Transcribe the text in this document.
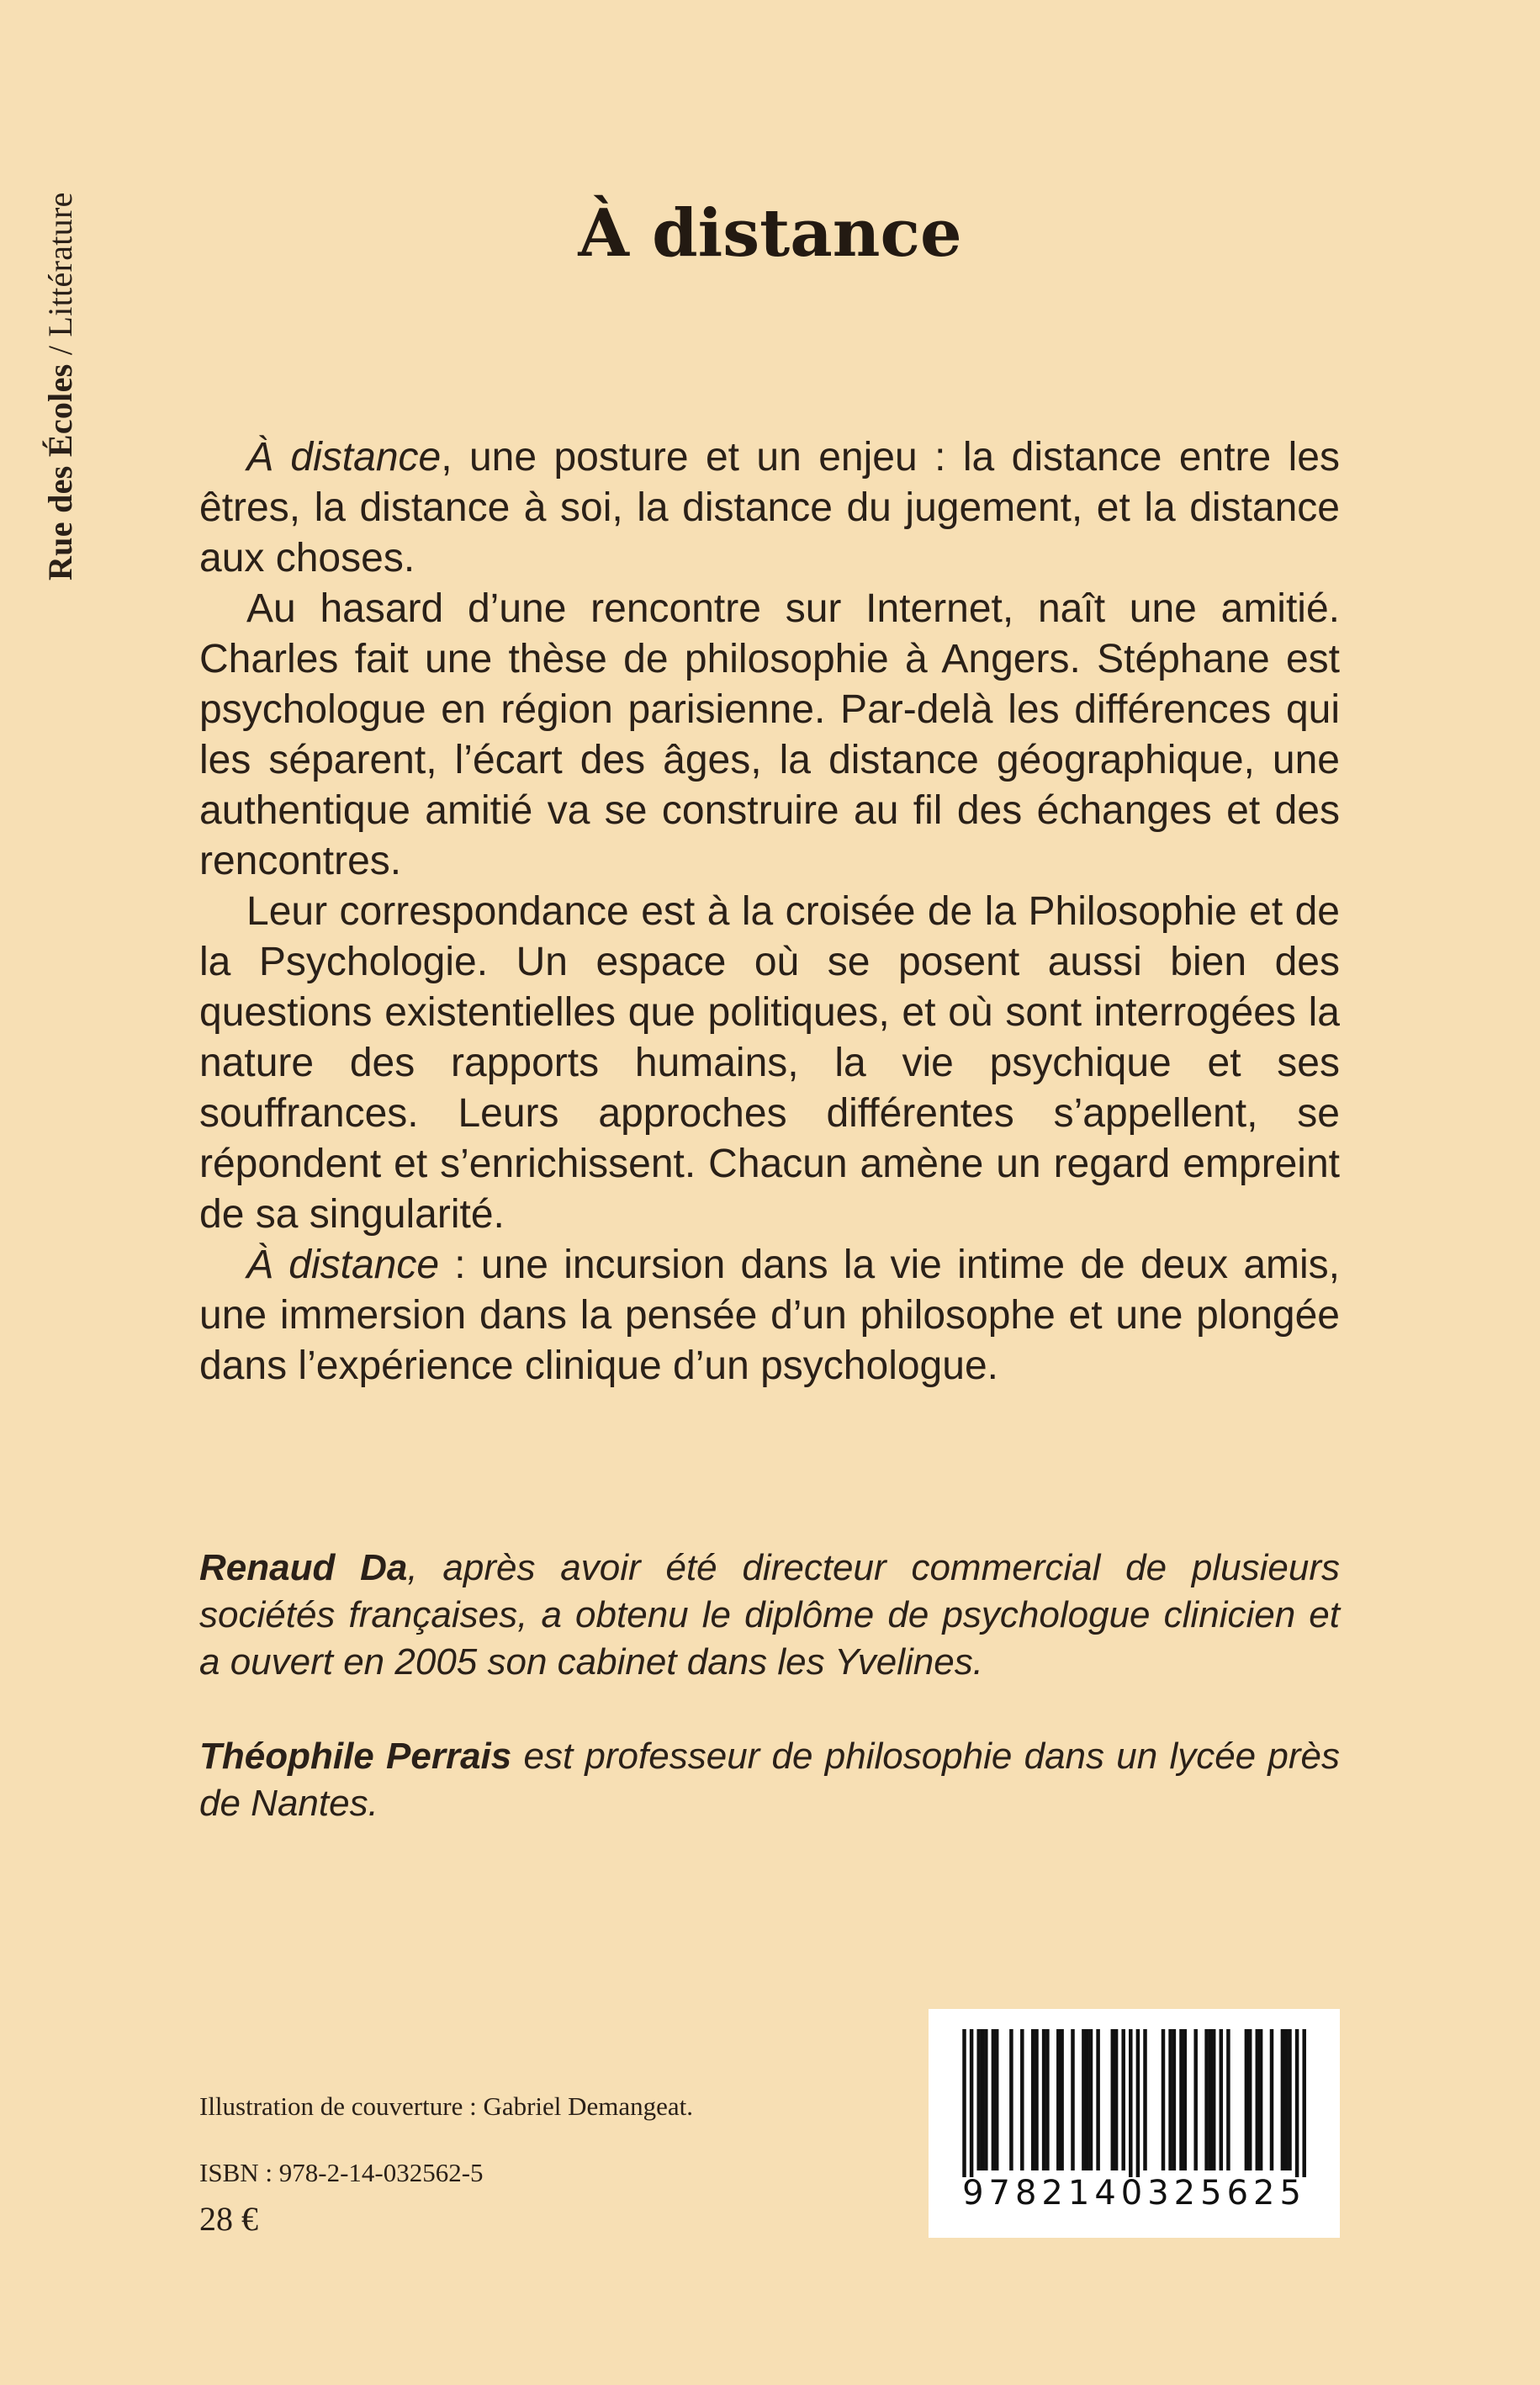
Rue des Écoles / Littérature	À distance

À distance, une posture et un enjeu : la distance entre les êtres, la distance à soi, la distance du jugement, et la distance aux choses.

Au hasard d’une rencontre sur Internet, naît une amitié. Charles fait une thèse de philosophie à Angers. Stéphane est psychologue en région parisienne. Par-delà les différences qui les séparent, l’écart des âges, la distance géographique, une authentique amitié va se construire au fil des échanges et des rencontres.

Leur correspondance est à la croisée de la Philosophie et de la Psychologie. Un espace où se posent aussi bien des questions existentielles que politiques, et où sont interrogées la nature des rapports humains, la vie psychique et ses souffrances. Leurs approches différentes s’appellent, se répondent et s’enrichissent. Chacun amène un regard empreint de sa singularité.

À distance : une incursion dans la vie intime de deux amis, une immersion dans la pensée d’un philosophe et une plongée dans l’expérience clinique d’un psychologue.

Renaud Da, après avoir été directeur commercial de plusieurs sociétés françaises, a obtenu le diplôme de psychologue clinicien et a ouvert en 2005 son cabinet dans les Yvelines.

Théophile Perrais est professeur de philosophie dans un lycée près de Nantes.

Illustration de couverture : Gabriel Demangeat.
ISBN : 978-2-14-032562-5
28 €
9782140325625
